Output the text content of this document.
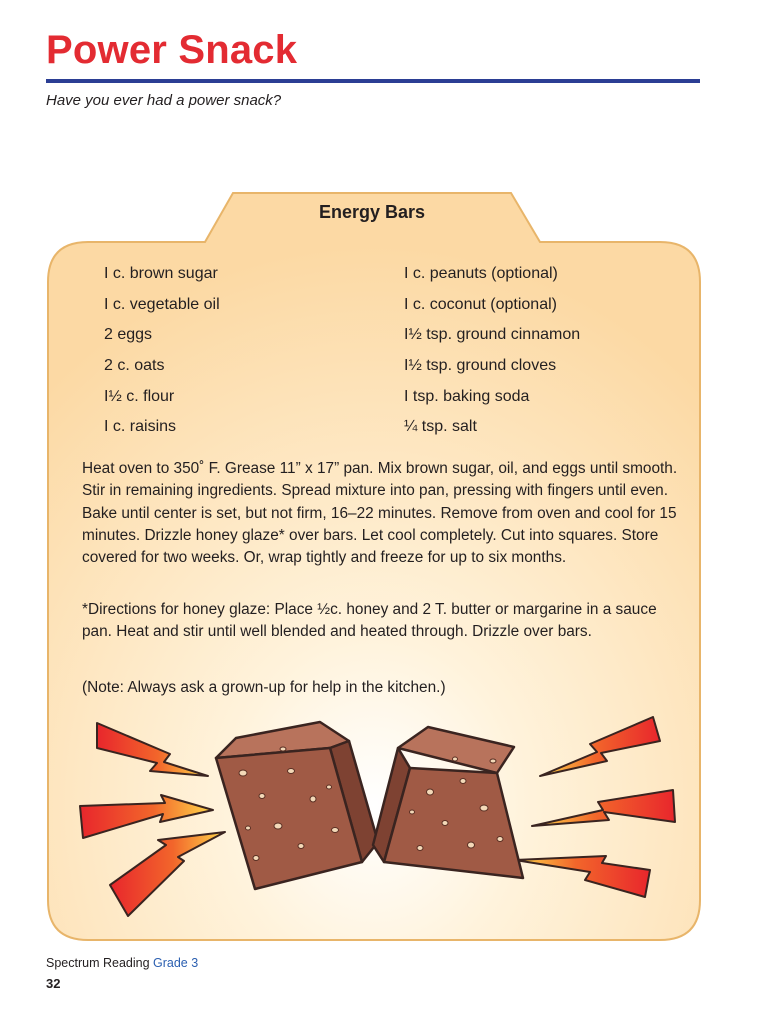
Power Snack
Have you ever had a power snack?
Energy Bars
I c. brown sugar
I c. vegetable oil
2 eggs
2 c. oats
I½ c. flour
I c. raisins
I c. peanuts (optional)
I c. coconut (optional)
I½ tsp. ground cinnamon
I½ tsp. ground cloves
I tsp. baking soda
¼ tsp. salt

Heat oven to 350˚ F. Grease 11” x 17” pan. Mix brown sugar, oil, and eggs until smooth. Stir in remaining ingredients. Spread mixture into pan, pressing with fingers until even. Bake until center is set, but not firm, 16–22 minutes. Remove from oven and cool for 15 minutes. Drizzle honey glaze* over bars. Let cool completely. Cut into squares. Store covered for two weeks. Or, wrap tightly and freeze for up to six months.

*Directions for honey glaze: Place ½c. honey and 2 T. butter or margarine in a sauce pan. Heat and stir until well blended and heated through. Drizzle over bars.

(Note: Always ask a grown-up for help in the kitchen.)

Spectrum Reading Grade 3
32
